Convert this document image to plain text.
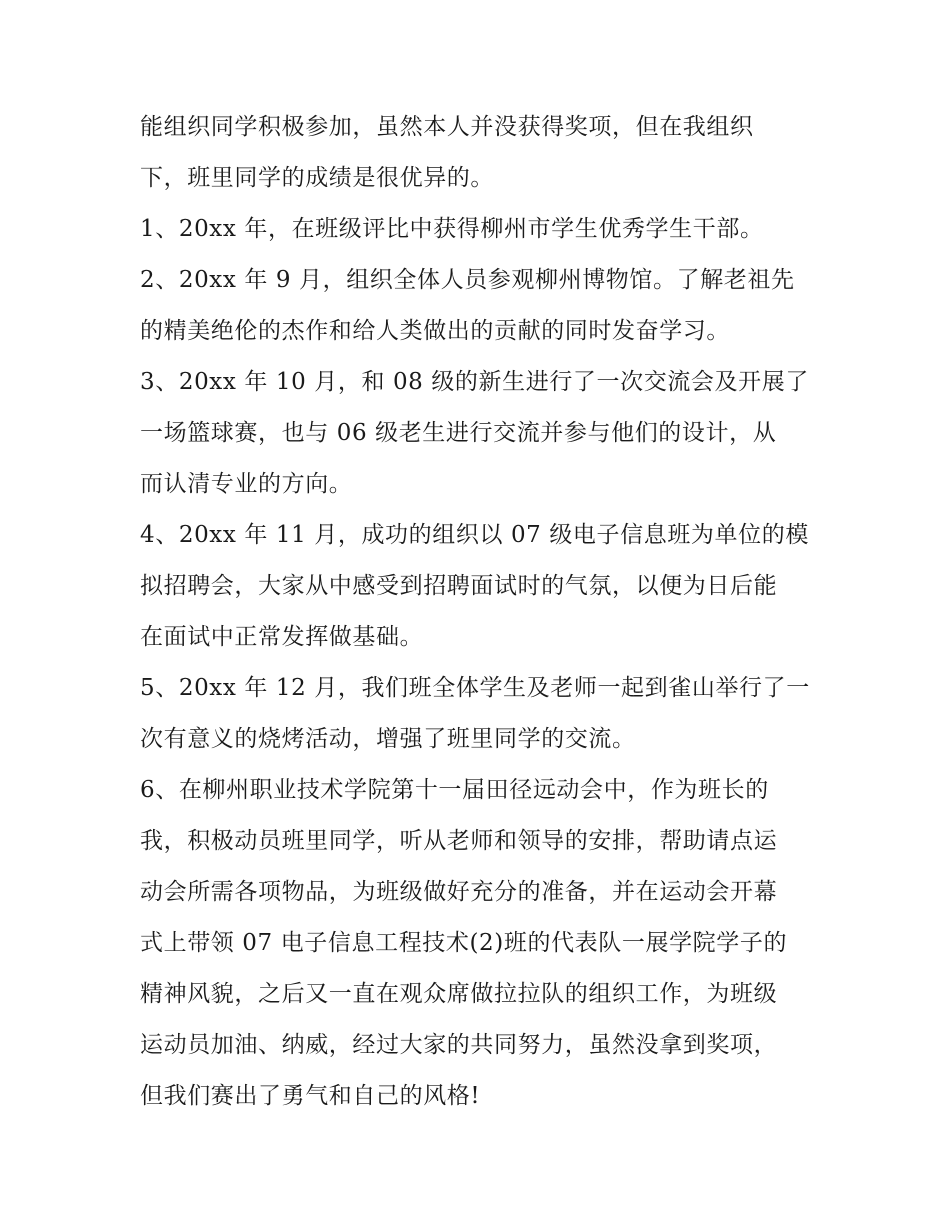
能组织同学积极参加，虽然本人并没获得奖项，但在我组织
下，班里同学的成绩是很优异的。
1、20xx 年，在班级评比中获得柳州市学生优秀学生干部。
2、20xx 年 9 月，组织全体人员参观柳州博物馆。了解老祖先
的精美绝伦的杰作和给人类做出的贡献的同时发奋学习。
3、20xx 年 10 月，和 08 级的新生进行了一次交流会及开展了
一场篮球赛，也与 06 级老生进行交流并参与他们的设计，从
而认清专业的方向。
4、20xx 年 11 月，成功的组织以 07 级电子信息班为单位的模
拟招聘会，大家从中感受到招聘面试时的气氛，以便为日后能
在面试中正常发挥做基础。
5、20xx 年 12 月，我们班全体学生及老师一起到雀山举行了一
次有意义的烧烤活动，增强了班里同学的交流。
6、在柳州职业技术学院第十一届田径远动会中，作为班长的
我，积极动员班里同学，听从老师和领导的安排，帮助请点运
动会所需各项物品，为班级做好充分的准备，并在运动会开幕
式上带领 07 电子信息工程技术(2)班的代表队一展学院学子的
精神风貌，之后又一直在观众席做拉拉队的组织工作，为班级
运动员加油、纳威，经过大家的共同努力，虽然没拿到奖项，
但我们赛出了勇气和自己的风格!
